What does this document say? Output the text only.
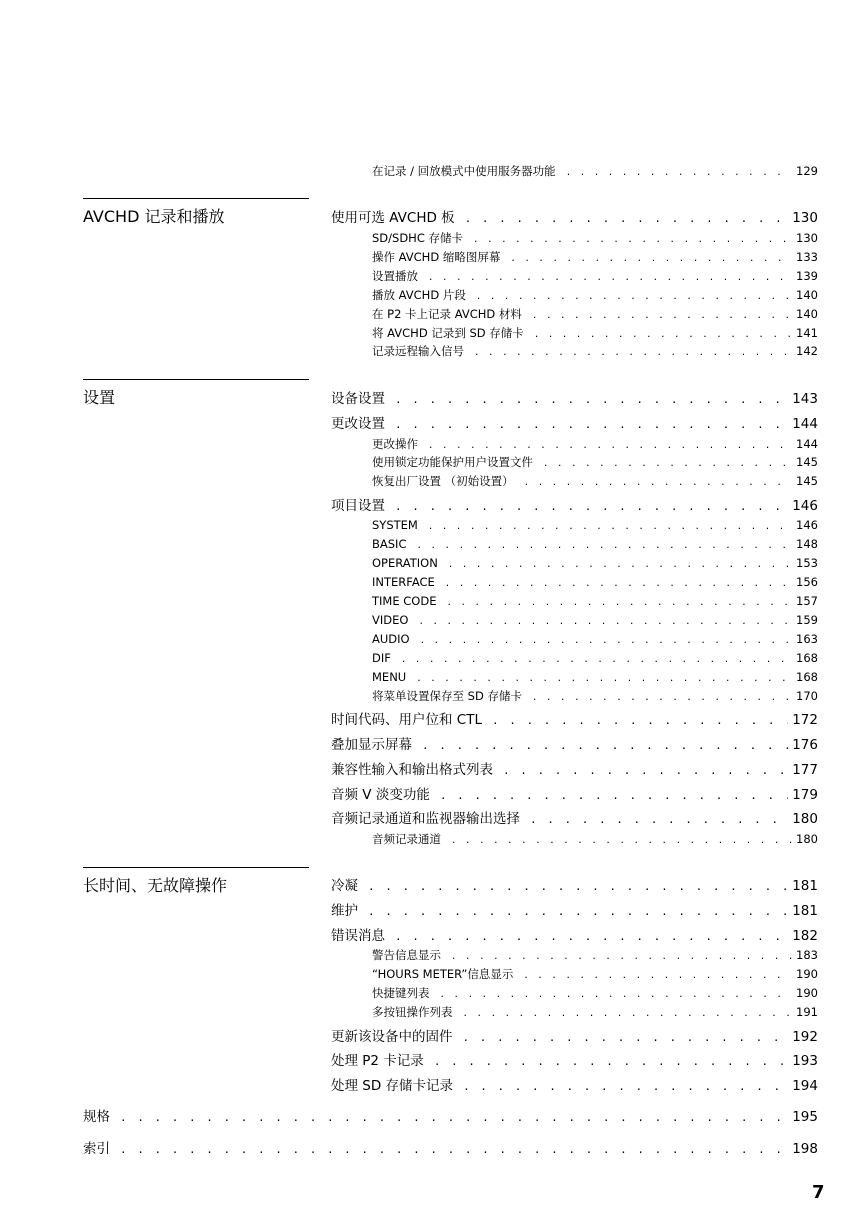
AVCHD 记录和播放
设置
长时间、无故障操作
在记录 / 回放模式中使用服务器功能 . . .	129
使用可选 AVCHD 板 . . .	130
SD/SDHC 存储卡 . . .	130
操作 AVCHD 缩略图屏幕 . . .	133
设置播放 . . .	139
播放 AVCHD 片段 . . .	140
在 P2 卡上记录 AVCHD 材料 . . .	140
将 AVCHD 记录到 SD 存储卡 . . .	141
记录远程输入信号 . . .	142
设备设置 . . .	143
更改设置 . . .	144
更改操作 . . .	144
使用锁定功能保护用户设置文件 . . .	145
恢复出厂设置 （初始设置） . . .	145
项目设置 . . .	146
SYSTEM . . .	146
BASIC . . .	148
OPERATION . . .	153
INTERFACE . . .	156
TIME CODE . . .	157
VIDEO . . .	159
AUDIO . . .	163
DIF . . .	168
MENU . . .	168
将菜单设置保存至 SD 存储卡 . . .	170
时间代码、用户位和 CTL . . .	172
叠加显示屏幕 . . .	176
兼容性输入和输出格式列表 . . .	177
音频 V 淡变功能 . . .	179
音频记录通道和监视器输出选择 . . .	180
音频记录通道 . . .	180
冷凝 . . .	181
维护 . . .	181
错误消息 . . .	182
警告信息显示 . . .	183
“HOURS METER”信息显示 . . .	190
快捷键列表 . . .	190
多按钮操作列表 . . .	191
更新该设备中的固件 . . .	192
处理 P2 卡记录 . . .	193
处理 SD 存储卡记录 . . .	194
规格 . . .	195
索引 . . .	198
7
